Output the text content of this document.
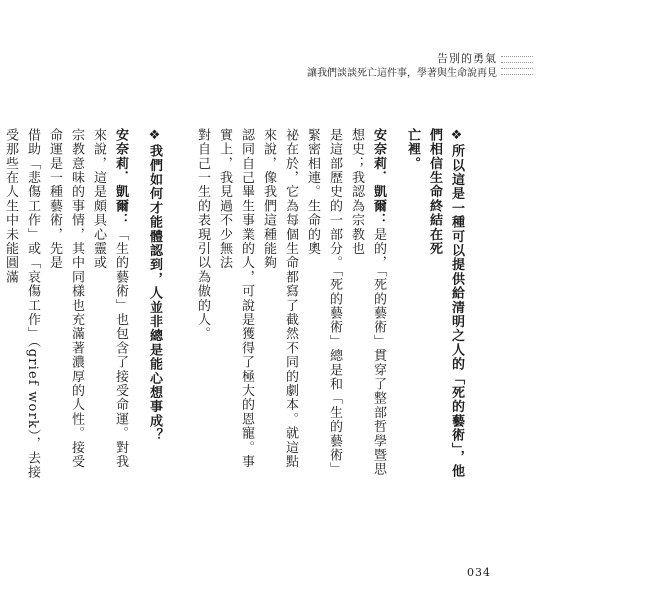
告別的勇氣
讓我們談談死亡這件事，學著與生命說再見
❖所以這是一種可以提供給清明之人的「死的藝術」，他們相信生命終結在死
亡裡。
安奈莉．凱爾：是的，「死的藝術」貫穿了整部哲學暨思想史；我認為宗教也
是這部歷史的一部分。「死的藝術」總是和「生的藝術」緊密相連。生命的奧
祕在於，它為每個生命都寫了截然不同的劇本。就這點來說，像我們這種能夠
認同自己畢生事業的人，可說是獲得了極大的恩寵。事實上，我見過不少無法
對自己一生的表現引以為傲的人。
❖我們如何才能體認到，人並非總是能心想事成？
安奈莉．凱爾：「生的藝術」也包含了接受命運。對我來說，這是頗具心靈或
宗教意味的事情，其中同樣也充滿著濃厚的人性。接受命運是一種藝術，先是
借助「悲傷工作」或「哀傷工作」（grief work），去接受那些在人生中未能圓滿
034
